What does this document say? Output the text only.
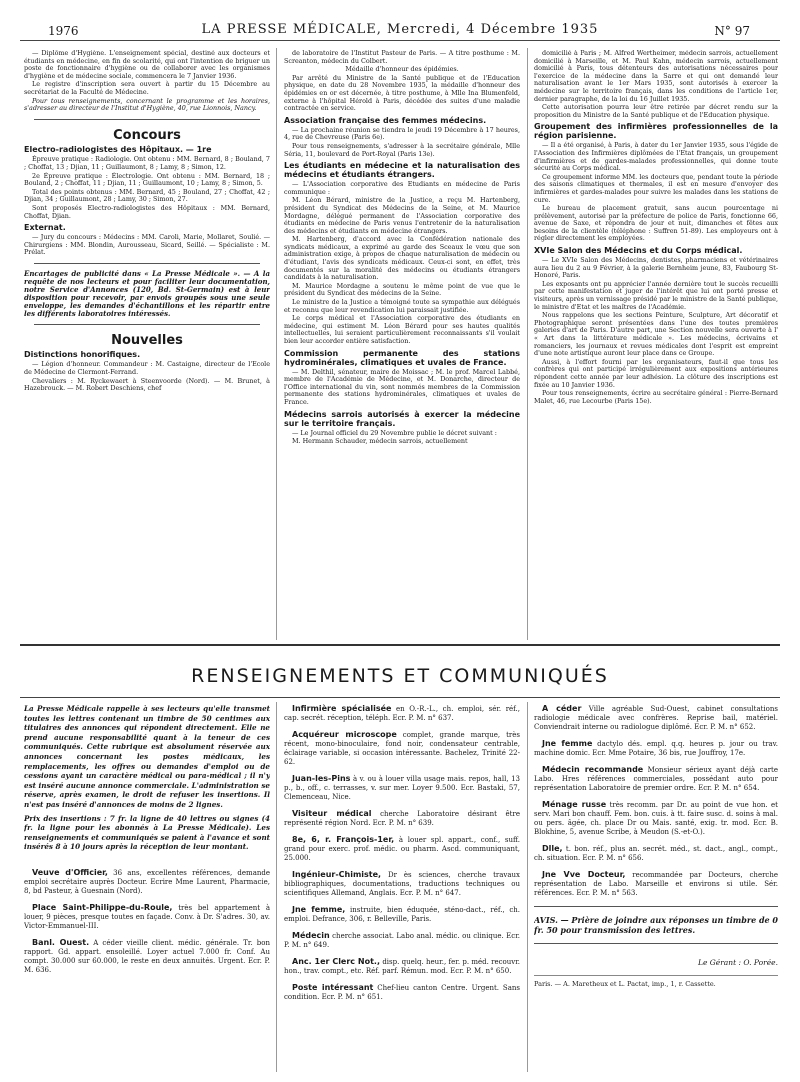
1976	LA PRESSE MÉDICALE, Mercredi, 4 Décembre 1935	N° 97

— Diplôme d'Hygiène. L'enseignement spécial, destiné aux docteurs et étudiants en médecine, en fin de scolarité, qui ont l'intention de briguer un poste de fonctionnaire d'hygiène ou de collaborer avec les organismes d'hygiène et de médecine sociale, commencera le 7 Janvier 1936.

Le registre d'inscription sera ouvert à partir du 15 Décembre au secrétariat de la Faculté de Médecine.

Pour tous renseignements, concernant le programme et les horaires, s'adresser au directeur de l'Institut d'Hygiène, 40, rue Lionnois, Nancy.

Concours

Electro-radiologistes des Hôpitaux. — 1re

Épreuve pratique : Radiologie. Ont obtenu : MM. Bernard, 8 ; Bouland, 7 ; Choffat, 13 ; Djian, 11 ; Guillaumont, 8 ; Lamy, 8 ; Simon, 12.

2e Épreuve pratique : Électrologie. Ont obtenu : MM. Bernard, 18 ; Bouland, 2 ; Choffat, 11 ; Djian, 11 ; Guillaumont, 10 ; Lamy, 8 ; Simon, 5.

Total des points obtenus : MM. Bernard, 45 ; Bouland, 27 ; Choffat, 42 ; Djian, 34 ; Guillaumont, 28 ; Lamy, 30 ; Simon, 27.

Sont proposés Electro-radiologistes des Hôpitaux : MM. Bernard, Choffat, Djian.

Externat.

— Jury du concours : Médecins : MM. Caroli, Marie, Mollaret, Soulié. — Chirurgiens : MM. Blondin, Aurousseau, Sicard, Seillé. — Spécialiste : M. Prélat.

Encartages de publicité dans « La Presse Médicale ». — A la requête de nos lecteurs et pour faciliter leur documentation, notre Service d'Annonces (120, Bd. St-Germain) est à leur disposition pour recevoir, par envois groupés sous une seule enveloppe, les demandes d'échantillons et les répartir entre les différents laboratoires intéressés.

Nouvelles

Distinctions honorifiques.

— Légion d'honneur. Commandeur : M. Castaigne, directeur de l'Ecole de Médecine de Clermont-Ferrand.

Chevaliers : M. Ryckewaert à Steenvoorde (Nord). — M. Brunet, à Hazebrouck. — M. Robert Deschiens, chef

de laboratoire de l'Institut Pasteur de Paris. — A titre posthume : M. Screanton, médecin du Colbert.

Médaille d'honneur des épidémies.

Par arrêté du Ministre de la Santé publique et de l'Education physique, en date du 28 Novembre 1935, la médaille d'honneur des épidémies en or est décernée, à titre posthume, à Mlle Ina Blumenfeld, externe à l'hôpital Hérold à Paris, décédée des suites d'une maladie contractée en service.

Association française des femmes médecins.

— La prochaine réunion se tiendra le jeudi 19 Décembre à 17 heures, 4, rue de Chevreuse (Paris 6e).

Pour tous renseignements, s'adresser à la secrétaire générale, Mlle Séria, 11, boulevard de Port-Royal (Paris 13e).

Les étudiants en médecine et la naturalisation des médecins et étudiants étrangers.

— L'Association corporative des Etudiants en médecine de Paris communique :

M. Léon Bérard, ministre de la Justice, a reçu M. Hartenberg, président du Syndicat des Médecins de la Seine, et M. Maurice Mordagne, délégué permanent de l'Association corporative des étudiants en médecine de Paris venus l'entretenir de la naturalisation des médecins et étudiants en médecine étrangers.

M. Hartenberg, d'accord avec la Confédération nationale des syndicats médicaux, a exprimé au garde des Sceaux le vœu que son administration exige, à propos de chaque naturalisation de médecin ou d'étudiant, l'avis des syndicats médicaux. Ceux-ci sont, en effet, très documentés sur la moralité des médecins ou étudiants étrangers candidats à la naturalisation.

M. Maurice Mordagne a soutenu le même point de vue que le président du Syndicat des médecins de la Seine.

Le ministre de la Justice a témoigné toute sa sympathie aux délégués et reconnu que leur revendication lui paraissait justifiée.

Le corps médical et l'Association corporative des étudiants en médecine, qui estiment M. Léon Bérard pour ses hautes qualités intellectuelles, lui seraient particulièrement reconnaissants s'il voulait bien leur accorder entière satisfaction.

Commission permanente des stations hydrominérales, climatiques et uvales de France.

— M. Delthil, sénateur, maire de Moissac ; M. le prof. Marcel Labbé, membre de l'Académie de Médecine, et M. Donarche, directeur de l'Office international du vin, sont nommés membres de la Commission permanente des stations hydrominérales, climatiques et uvales de France.

Médecins sarrois autorisés à exercer la médecine sur le territoire français.

— Le Journal officiel du 29 Novembre publie le décret suivant :

M. Hermann Schauder, médecin sarrois, actuellement

domicilié à Paris ; M. Alfred Wertheimer, médecin sarrois, actuellement domicilié à Marseille, et M. Paul Kahn, médecin sarrois, actuellement domicilié à Paris, tous détenteurs des autorisations nécessaires pour l'exercice de la médecine dans la Sarre et qui ont demandé leur naturalisation avant le 1er Mars 1935, sont autorisés à exercer la médecine sur le territoire français, dans les conditions de l'article 1er, dernier paragraphe, de la loi du 16 Juillet 1935.

Cette autorisation pourra leur être retirée par décret rendu sur la proposition du Ministre de la Santé publique et de l'Education physique.

Groupement des infirmières professionnelles de la région parisienne.

— Il a été organisé, à Paris, à dater du 1er Janvier 1935, sous l'égide de l'Association des Infirmières diplômées de l'Etat français, un groupement d'infirmières et de gardes-malades professionnelles, qui donne toute sécurité au Corps médical.

Ce groupement informe MM. les docteurs que, pendant toute la période des saisons climatiques et thermales, il est en mesure d'envoyer des infirmières et gardes-malades pour suivre les malades dans les stations de cure.

Le bureau de placement gratuit, sans aucun pourcentage ni prélèvement, autorisé par la préfecture de police de Paris, fonctionne 66, avenue de Saxe, et répondra de jour et nuit, dimanches et fêtes aux besoins de la clientèle (téléphone : Suffren 51-89). Les employeurs ont à régler directement les employées.

XVIe Salon des Médecins et du Corps médical.

— Le XVIe Salon des Médecins, dentistes, pharmaciens et vétérinaires aura lieu du 2 au 9 Février, à la galerie Bernheim jeune, 83, Faubourg St-Honoré, Paris.

Les exposants ont pu apprécier l'année dernière tout le succès recueilli par cette manifestation et juger de l'intérêt que lui ont porté presse et visiteurs, après un vernissage présidé par le ministre de la Santé publique, le ministre d'Etat et les maîtres de l'Académie.

Nous rappelons que les sections Peinture, Sculpture, Art décoratif et Photographique seront présentées dans l'une des toutes premières galeries d'art de Paris. D'autre part, une Section nouvelle sera ouverte à l' « Art dans la littérature médicale ». Les médecins, écrivains et romanciers, les journaux et revues médicales dont l'esprit est empreint d'une note artistique auront leur place dans ce Groupe.

Aussi, à l'effort fourni par les organisateurs, faut-il que tous les confrères qui ont participé irrégulièrement aux expositions antérieures répondent cette année par leur adhésion. La clôture des inscriptions est fixée au 10 Janvier 1936.

Pour tous renseignements, écrire au secrétaire général : Pierre-Bernard Malet, 46, rue Lecourbe (Paris 15e).

RENSEIGNEMENTS ET COMMUNIQUÉS

La Presse Médicale rappelle à ses lecteurs qu'elle transmet toutes les lettres contenant un timbre de 50 centimes aux titulaires des annonces qui répondent directement. Elle ne prend aucune responsabilité quant à la teneur de ces communiqués. Cette rubrique est absolument réservée aux annonces concernant les postes médicaux, les remplacements, les offres ou demandes d'emploi ou de cessions ayant un caractère médical ou para-médical ; il n'y est inséré aucune annonce commerciale. L'administration se réserve, après examen, le droit de refuser les insertions. Il n'est pas inséré d'annonces de moins de 2 lignes.

Prix des insertions : 7 fr. la ligne de 40 lettres ou signes (4 fr. la ligne pour les abonnés à La Presse Médicale). Les renseignements et communiqués se paient à l'avance et sont insérés 8 à 10 jours après la réception de leur montant.

Veuve d'Officier, 36 ans, excellentes références, demande emploi secrétaire auprès Docteur. Ecrire Mme Laurent, Pharmacie, 8, bd Pasteur, à Guesnain (Nord).

Place Saint-Philippe-du-Roule, très bel appartement à louer, 9 pièces, presque toutes en façade. Conv. à Dr. S'adres. 30, av. Victor-Emmanuel-III.

Banl. Ouest. A céder vieille client. médic. générale. Tr. bon rapport. Gd. appart. ensoleillé. Loyer actuel 7.000 fr. Conf. Au compt. 30.000 sur 60.000, le reste en deux annuités. Urgent. Ecr. P. M. 636.

Infirmière spécialisée en O.-R.-L., ch. emploi, sér. réf., cap. secrét. réception, téléph. Ecr. P. M. n° 637.

Acquéreur microscope complet, grande marque, très récent, mono-binoculaire, fond noir, condensateur centrable, éclairage variable, si occasion intéressante. Bachelez, Trinité 22-62.

Juan-les-Pins à v. ou à louer villa usage mais. repos, hall, 13 p., b., off., c. terrasses, v. sur mer. Loyer 9.500. Ecr. Bastaki, 57, Clemenceau, Nice.

Visiteur médical cherche Laboratoire désirant être représenté région Nord. Ecr. P. M. n° 639.

8e, 6, r. François-1er, à louer spl. appart., conf., suff. grand pour exerc. prof. médic. ou pharm. Ascd. communiquant, 25.000.

Ingénieur-Chimiste, Dr ès sciences, cherche travaux bibliographiques, documentations, traductions techniques ou scientifiques Allemand, Anglais. Ecr. P. M. n° 647.

Jne femme, instruite, bien éduquée, sténo-dact., réf., ch. emploi. Defrance, 306, r. Belleville, Paris.

Médecin cherche associat. Labo anal. médic. ou clinique. Ecr. P. M. n° 649.

Anc. 1er Clerc Not., disp. quelq. heur., fer. p. méd. recouvr. hon., trav. compt., etc. Réf. parf. Rémun. mod. Ecr. P. M. n° 650.

Poste intéressant Chef-lieu canton Centre. Urgent. Sans condition. Ecr. P. M. n° 651.

A céder Ville agréable Sud-Ouest, cabinet consultations radiologie médicale avec confrères. Reprise bail, matériel. Conviendrait interne ou radiologue diplômé. Ecr. P. M. n° 652.

Jne femme dactylo dés. empl. q.q. heures p. jour ou trav. machine domic. Ecr. Mme Potaire, 36 bis, rue Jouffroy, 17e.

Médecin recommande Monsieur sérieux ayant déjà carte Labo. Hres références commerciales, possédant auto pour représentation Laboratoire de premier ordre. Ecr. P. M. n° 654.

Ménage russe très recomm. par Dr. au point de vue hon. et serv. Mari bon chauff. Fem. bon. cuis. à tt. faire susc. d. soins à mal. ou pers. âgée, ch. place Dr ou Mais. santé, exig. tr. mod. Ecr. B. Blokhine, 5, avenue Scribe, à Meudon (S.-et-O.).

Dlle, t. bon. réf., plus an. secrét. méd., st. dact., angl., compt., ch. situation. Ecr. P. M. n° 656.

Jne Vve Docteur, recommandée par Docteurs, cherche représentation de Labo. Marseille et environs si utile. Sér. références. Ecr. P. M. n° 563.

AVIS. — Prière de joindre aux réponses un timbre de 0 fr. 50 pour transmission des lettres.

Le Gérant : O. Porée.

Paris. — A. Maretheux et L. Pactat, imp., 1, r. Cassette.
